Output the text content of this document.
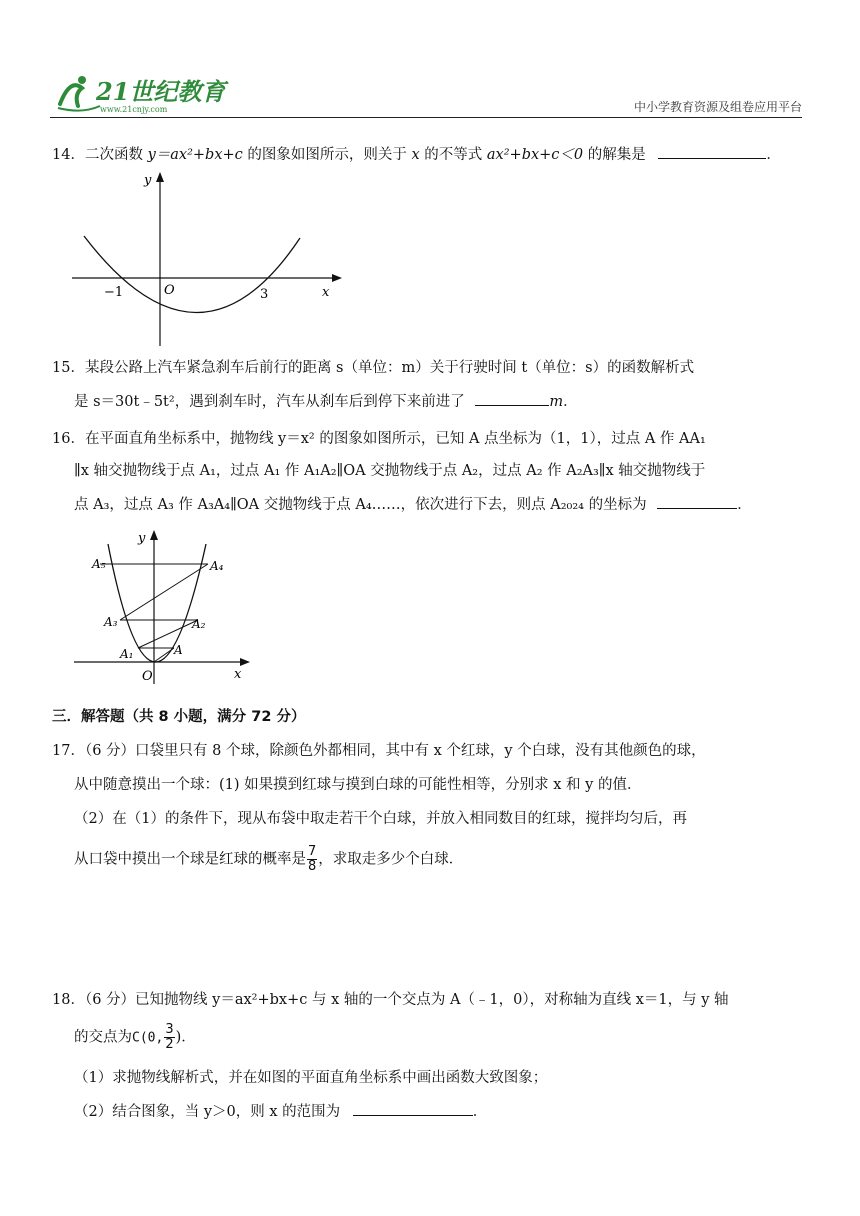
21世纪教育
www.21cnjy.com	中小学教育资源及组卷应用平台
14．二次函数 y＝ax²+bx+c 的图象如图所示，则关于 x 的不等式 ax²+bx+c＜0 的解集是	．
y
x
O
−1	3
15．某段公路上汽车紧急刹车后前行的距离 s（单位：m）关于行驶时间 t（单位：s）的函数解析式
是 s＝30t﹣5t²，遇到刹车时，汽车从刹车后到停下来前进了	m．
16．在平面直角坐标系中，抛物线 y＝x² 的图象如图所示，已知 A 点坐标为（1，1），过点 A 作 AA₁
∥x 轴交抛物线于点 A₁，过点 A₁ 作 A₁A₂∥OA 交抛物线于点 A₂，过点 A₂ 作 A₂A₃∥x 轴交抛物线于
点 A₃，过点 A₃ 作 A₃A₄∥OA 交抛物线于点 A₄……，依次进行下去，则点 A₂₀₂₄ 的坐标为	．
y
x
O
A
A₁
A₂
A₃
A₄
A₅
三．解答题（共 8 小题，满分 72 分）
17．（6 分）口袋里只有 8 个球，除颜色外都相同，其中有 x 个红球，y 个白球，没有其他颜色的球，
从中随意摸出一个球：(1) 如果摸到红球与摸到白球的可能性相等，分别求 x 和 y 的值．
（2）在（1）的条件下，现从布袋中取走若干个白球，并放入相同数目的红球，搅拌均匀后，再
从口袋中摸出一个球是红球的概率是 $\frac{7}{8}$ ，求取走多少个白球．
18．（6 分）已知抛物线 y＝ax²+bx+c 与 x 轴的一个交点为 A（﹣1，0），对称轴为直线 x＝1，与 y 轴
的交点为C(0, $\frac{3}{2}$ )．
（1）求抛物线解析式，并在如图的平面直角坐标系中画出函数大致图象；
（2）结合图象，当 y＞0，则 x 的范围为	．
